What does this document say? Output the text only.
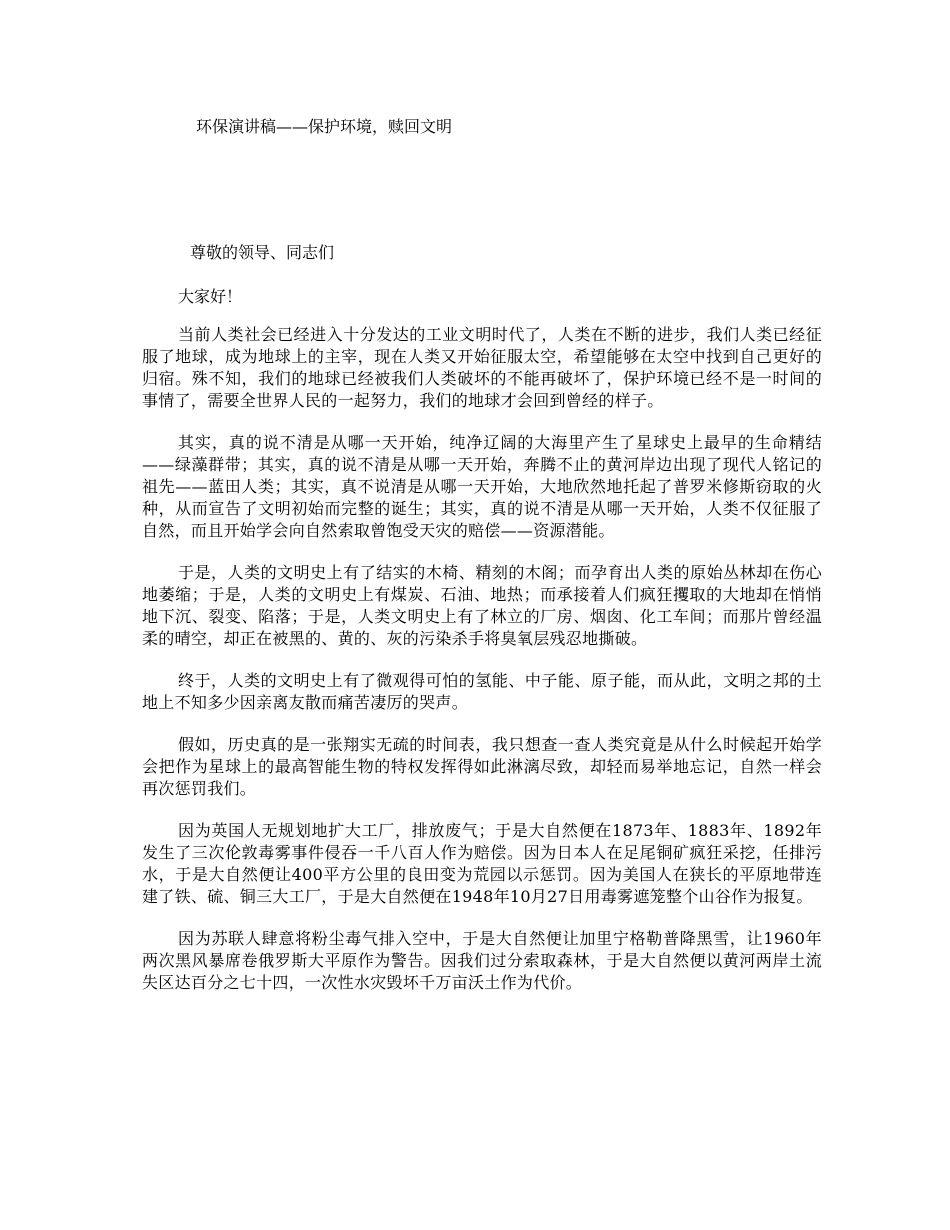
环保演讲稿——保护环境，赎回文明
尊敬的领导、同志们
大家好！

当前人类社会已经进入十分发达的工业文明时代了，人类在不断的进步，我们人类已经征服了地球，成为地球上的主宰，现在人类又开始征服太空，希望能够在太空中找到自己更好的归宿。殊不知，我们的地球已经被我们人类破坏的不能再破坏了，保护环境已经不是一时间的事情了，需要全世界人民的一起努力，我们的地球才会回到曾经的样子。

其实，真的说不清是从哪一天开始，纯净辽阔的大海里产生了星球史上最早的生命精结——绿藻群带；其实，真的说不清是从哪一天开始，奔腾不止的黄河岸边出现了现代人铭记的祖先——蓝田人类；其实，真不说清是从哪一天开始，大地欣然地托起了普罗米修斯窃取的火种，从而宣告了文明初始而完整的诞生；其实，真的说不清是从哪一天开始，人类不仅征服了自然，而且开始学会向自然索取曾饱受天灾的赔偿——资源潜能。

于是，人类的文明史上有了结实的木椅、精刻的木阁；而孕育出人类的原始丛林却在伤心地萎缩；于是，人类的文明史上有煤炭、石油、地热；而承接着人们疯狂攫取的大地却在悄悄地下沉、裂变、陷落；于是，人类文明史上有了林立的厂房、烟囱、化工车间；而那片曾经温柔的晴空，却正在被黑的、黄的、灰的污染杀手将臭氧层残忍地撕破。

终于，人类的文明史上有了微观得可怕的氢能、中子能、原子能，而从此，文明之邦的土地上不知多少因亲离友散而痛苦凄厉的哭声。

假如，历史真的是一张翔实无疏的时间表，我只想查一查人类究竟是从什么时候起开始学会把作为星球上的最高智能生物的特权发挥得如此淋漓尽致，却轻而易举地忘记，自然一样会再次惩罚我们。

因为英国人无规划地扩大工厂，排放废气；于是大自然便在1873年、1883年、1892年发生了三次伦敦毒雾事件侵吞一千八百人作为赔偿。因为日本人在足尾铜矿疯狂采挖，任排污水，于是大自然便让400平方公里的良田变为荒园以示惩罚。因为美国人在狭长的平原地带连建了铁、硫、铜三大工厂，于是大自然便在1948年10月27日用毒雾遮笼整个山谷作为报复。

因为苏联人肆意将粉尘毒气排入空中，于是大自然便让加里宁格勒普降黑雪，让1960年两次黑风暴席卷俄罗斯大平原作为警告。因我们过分索取森林，于是大自然便以黄河两岸土流失区达百分之七十四，一次性水灾毁坏千万亩沃土作为代价。
